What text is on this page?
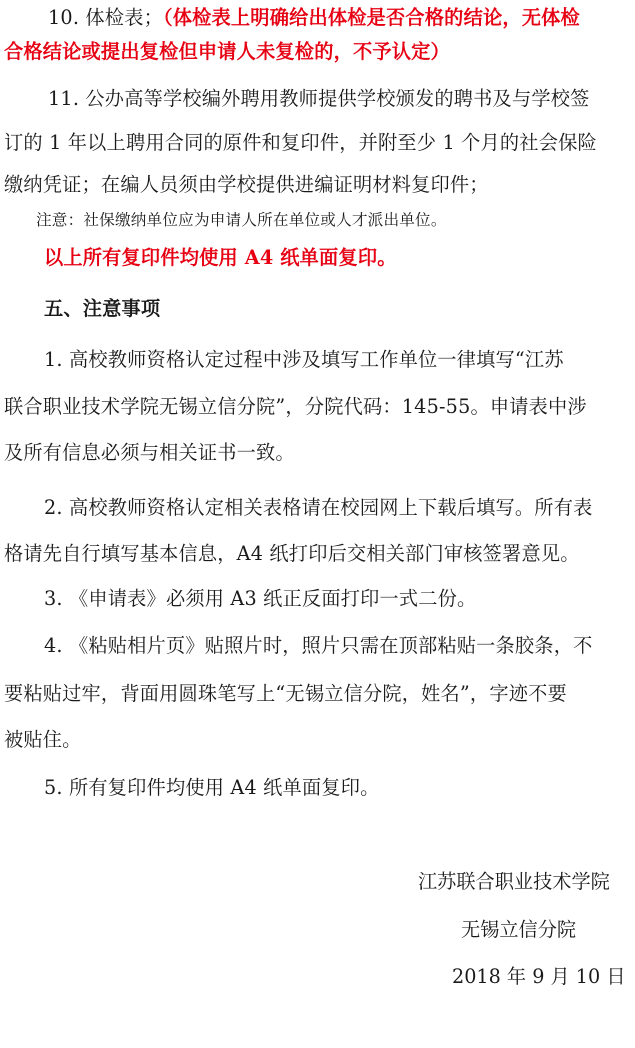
10. 体检表；（体检表上明确给出体检是否合格的结论，无体检
合格结论或提出复检但申请人未复检的，不予认定）
11. 公办高等学校编外聘用教师提供学校颁发的聘书及与学校签
订的 1 年以上聘用合同的原件和复印件，并附至少 1 个月的社会保险
缴纳凭证；在编人员须由学校提供进编证明材料复印件；
注意：社保缴纳单位应为申请人所在单位或人才派出单位。
以上所有复印件均使用 A4 纸单面复印。
五、注意事项
1. 高校教师资格认定过程中涉及填写工作单位一律填写“江苏
联合职业技术学院无锡立信分院”，分院代码：145-55。申请表中涉
及所有信息必须与相关证书一致。
2. 高校教师资格认定相关表格请在校园网上下载后填写。所有表
格请先自行填写基本信息，A4 纸打印后交相关部门审核签署意见。
3. 《申请表》必须用 A3 纸正反面打印一式二份。
4. 《粘贴相片页》贴照片时，照片只需在顶部粘贴一条胶条，不
要粘贴过牢，背面用圆珠笔写上“无锡立信分院，姓名”，字迹不要
被贴住。
5. 所有复印件均使用 A4 纸单面复印。
江苏联合职业技术学院
无锡立信分院
2018 年 9 月 10 日
